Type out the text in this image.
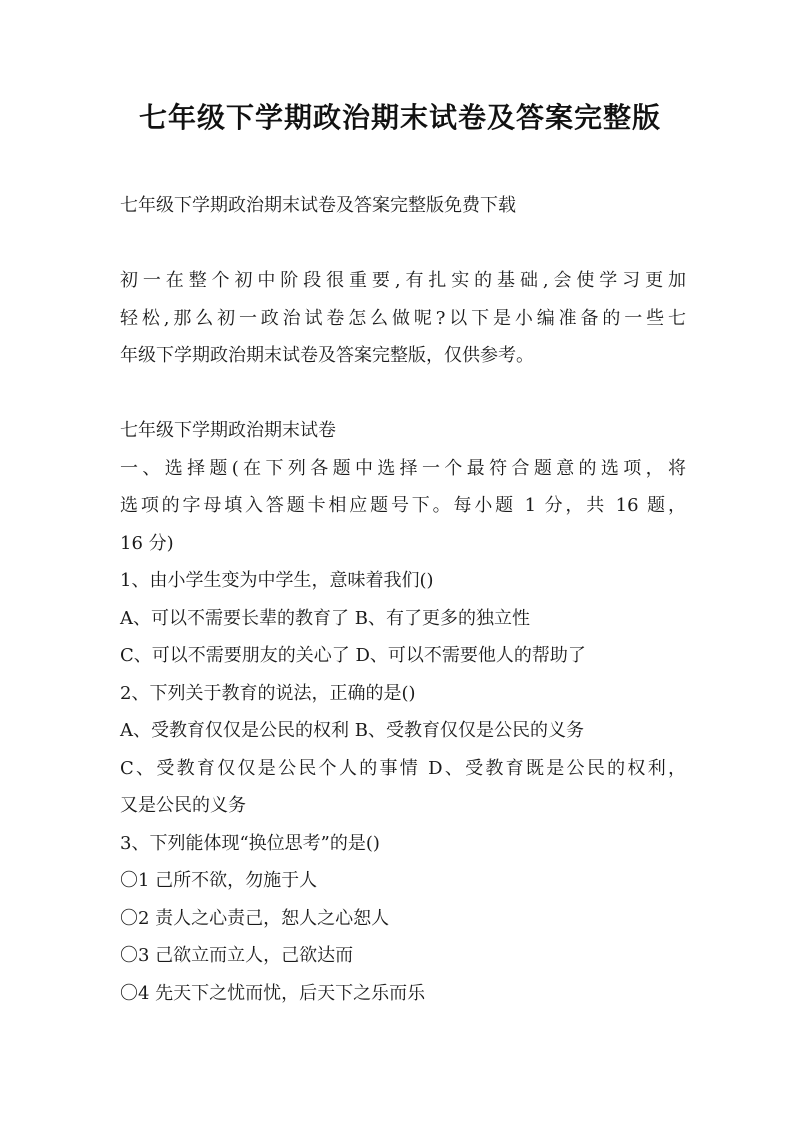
七年级下学期政治期末试卷及答案完整版
七年级下学期政治期末试卷及答案完整版免费下载
初一在整个初中阶段很重要,有扎实的基础,会使学习更加
轻松,那么初一政治试卷怎么做呢?以下是小编准备的一些七
年级下学期政治期末试卷及答案完整版，仅供参考。
七年级下学期政治期末试卷
一、选择题(在下列各题中选择一个最符合题意的选项，将
选项的字母填入答题卡相应题号下。每小题 1 分，共 16 题，
16 分)
1、由小学生变为中学生，意味着我们()
A、可以不需要长辈的教育了 B、有了更多的独立性
C、可以不需要朋友的关心了 D、可以不需要他人的帮助了
2、下列关于教育的说法，正确的是()
A、受教育仅仅是公民的权利 B、受教育仅仅是公民的义务
C、受教育仅仅是公民个人的事情 D、受教育既是公民的权利，
又是公民的义务
3、下列能体现“换位思考”的是()
〇1 己所不欲，勿施于人
〇2 责人之心责己，恕人之心恕人
〇3 己欲立而立人，己欲达而
〇4 先天下之忧而忧，后天下之乐而乐
